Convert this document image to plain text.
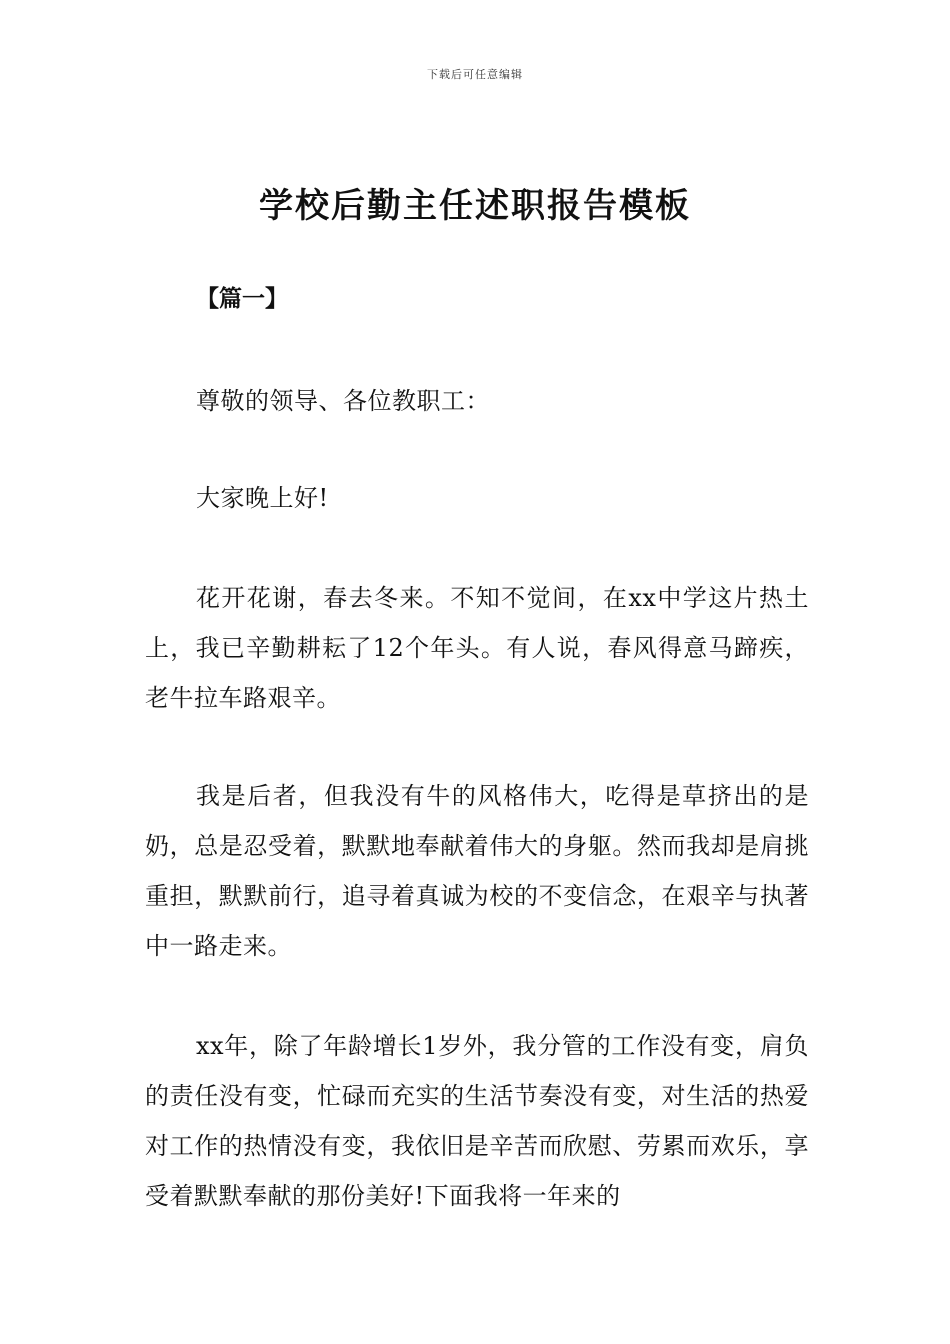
下载后可任意编辑
学校后勤主任述职报告模板
【篇一】

尊敬的领导、各位教职工：

大家晚上好!

花开花谢，春去冬来。不知不觉间，在xx中学这片热土上，我已辛勤耕耘了12个年头。有人说，春风得意马蹄疾，老牛拉车路艰辛。

我是后者，但我没有牛的风格伟大，吃得是草挤出的是奶，总是忍受着，默默地奉献着伟大的身躯。然而我却是肩挑重担，默默前行，追寻着真诚为校的不变信念，在艰辛与执著中一路走来。

xx年，除了年龄增长1岁外，我分管的工作没有变，肩负的责任没有变，忙碌而充实的生活节奏没有变，对生活的热爱对工作的热情没有变，我依旧是辛苦而欣慰、劳累而欢乐，享受着默默奉献的那份美好!下面我将一年来的
